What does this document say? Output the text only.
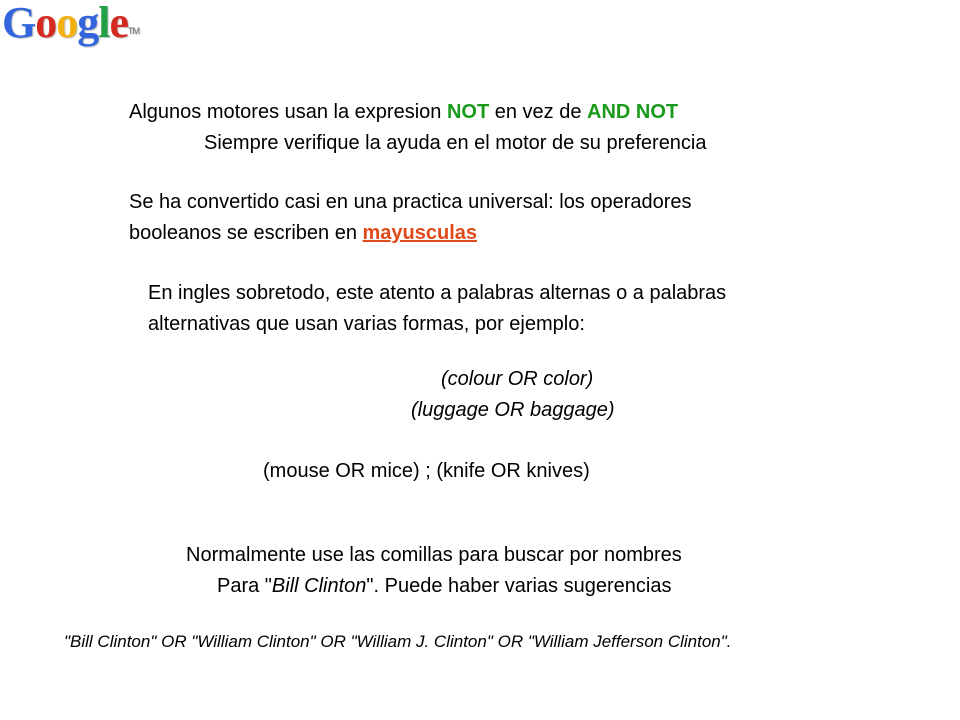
Google™
Algunos motores usan la expresion NOT en vez de AND NOT
Siempre verifique la ayuda en el motor de su preferencia
Se ha convertido casi en una practica universal: los operadores
booleanos se escriben en mayusculas
En ingles sobretodo, este atento a palabras alternas o a palabras
alternativas que usan varias formas, por ejemplo:
(colour OR color)
(luggage OR baggage)
(mouse OR mice) ; (knife OR knives)
Normalmente use las comillas para buscar por nombres
Para "Bill Clinton". Puede haber varias sugerencias
"Bill Clinton" OR "William Clinton" OR "William J. Clinton" OR "William Jefferson Clinton".
